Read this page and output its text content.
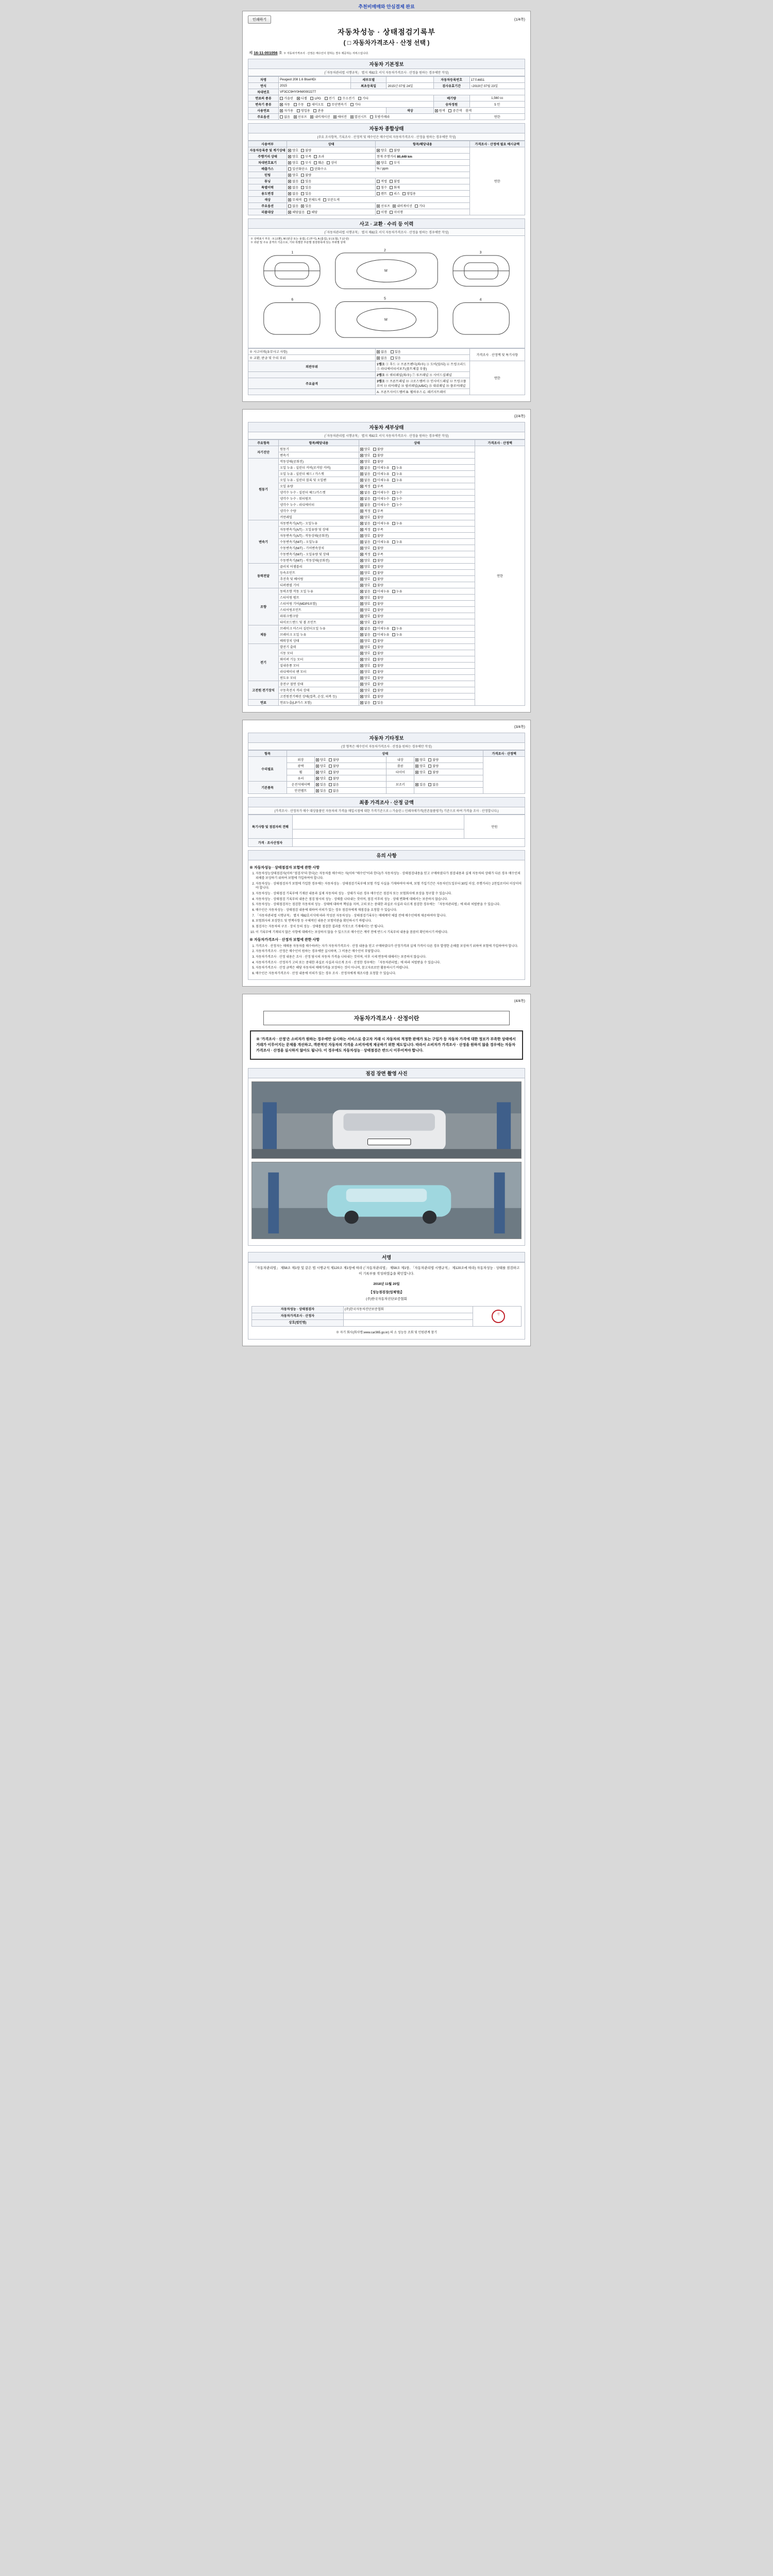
추천비매매와 안심결제 완료
인쇄하기	(1/4쪽)
자동차성능 · 상태점검기록부
( □ 자동차가격조사 · 산정 선택 )
제 16-11-001056 호 ※ 자동차가격조사 · 산정은 매수인이 원하는 경우 제공하는 서비스입니다.
자동차 기본정보
(「자동차관리법 시행규칙」 별지 제82호 서식 자동차가격조사 · 산정을 원하는 경우에만 작성)
차명	Peugeot 208 1.6 BlueHDi	세부모델		자동차등록번호	17모4651
연식	2015	최초등록일	2015년 07월 24일	검사유효기간	~2019년 07월 23일
차대번호	VF3CC9HY0HW0002277				
연료의 종류	가솔린 디젤 LPG 전기 수소전기 기타			배기량	1,560 cc
변속기 종류	자동 수동 세미오토 무단변속기 기타			승차정원	5 인
사용연료	자가용 영업용 관용		색상	원색 중간색 흰색	
주요옵션	없음 선루프 내비게이션 에어컨 열선시트 후방카메라				연한
자동차 종합상태
(주요 조사항목, 기록조사 · 산정적 및 매수인은 매수인의 자동차가격조사 · 산정을 원하는 경우에만 작성)
사용여부	상태	항목/해당내용	가격조사 · 산정에 필요 예시금액
자동차등록증 및 계기상태	양호 불량	양호 불량	연한
주행거리 상태	양호 부족 초과	현재 주행거리 80,449 km	
차대번호표기	양호 부식 훼손 상이	양호 부식	
배출가스	일산화탄소 탄화수소	% / ppm	
틴팅	양호 불량		
튜닝	없음 있음	적법 불법	
특별이력	없음 있음	침수 화재	
용도변경	없음 있음	렌트 리스 영업용	
색상	무채색 전체도색 부분도색		
주요옵션	없음 있음	선루프 내비게이션 기타	
리콜대상	해당없음 해당	이행 미이행	
사고 · 교환 · 수리 등 이력
(「자동차관리법 시행규칙」 별지 제82호 서식 자동차가격조사 · 산정을 원하는 경우에만 작성)
※ 상태표시 부호 : X (교환), W (판금 또는 용접), C (부식), A (흠집), U (요철), T (손상)
※ 외판 및 주요 골격의 기준으로, 기타 특별한 부분별 점검항목에 있는 부위별 상태
1
2
3
6	5	4
M
M
※ 사고이력(유무사고 사항)	없음 있음	가격조사 · 산정액 및 특기사항
※ 교환, 판금 및 수리 부위	없음 있음	
외판부위	1랭크 ① 후드 ② 프론트펜더(좌/우) ③ 도어(앞/뒤) ④ 트렁크리드 ⑤ 라디에이터서포트(볼트체결 부품)	연한
	2랭크 ⑥ 쿼터패널(좌/우) ⑦ 루프패널 ⑧ 사이드실패널	
주요골격	3랭크 ⑨ 프론트패널 ⑩ 크로스멤버 ⑪ 인사이드패널 ⑫ 트렁크플로어 ⑬ 리어패널 ⑭ 필러패널(A/B/C) ⑮ 대쉬패널 ⑯ 플로어패널	
	A. 프론트사이드멤버 B. 휠하우스 C. 패키지트레이	
(2/4쪽)
자동차 세부상태
(「자동차관리법 시행규칙」 별지 제82호 서식 자동차가격조사 · 산정을 원하는 경우에만 작성)
주요항목	항목/해당내용	상태	가격조사 · 산정액
자기진단	원동기	양호 불량	연한
	변속기	양호 불량	
원동기	작동상태(공회전)	양호 불량	
	오일 누유 - 실린더 커버(로커암 커버)	없음 미세누유 누유	
	오일 누유 - 실린더 헤드 / 가스켓	없음 미세누유 누유	
	오일 누유 - 실린더 블록 및 오일팬	없음 미세누유 누유	
	오일 유량	적정 부족	
	냉각수 누수 - 실린더 헤드/가스켓	없음 미세누수 누수	
	냉각수 누수 - 워터펌프	없음 미세누수 누수	
	냉각수 누수 - 라디에이터	없음 미세누수 누수	
	냉각수 수량	적정 부족	
	커먼레일	양호 불량	
변속기	자동변속기(A/T) - 오일누유	없음 미세누유 누유	
	자동변속기(A/T) - 오일유량 및 상태	적정 부족	
	자동변속기(A/T) - 작동상태(공회전)	양호 불량	
	수동변속기(M/T) - 오일누유	없음 미세누유 누유	
	수동변속기(M/T) - 기어변속장치	양호 불량	
	수동변속기(M/T) - 오일유량 및 상태	적정 부족	
	수동변속기(M/T) - 작동상태(공회전)	양호 불량	
동력전달	클러치 어셈블리	양호 불량	
	등속조인트	양호 불량	
	추진축 및 베어링	양호 불량	
	디퍼렌셜 기어	양호 불량	
조향	동력조향 작동 오일 누유	없음 미세누유 누유	
	스티어링 펌프	양호 불량	
	스티어링 기어(MDPS포함)	양호 불량	
	스티어링조인트	양호 불량	
	파워크랭크암	양호 불량	
	타이로드엔드 및 볼 조인트	양호 불량	
제동	브레이크 마스터 실린더오일 누유	없음 미세누유 누유	
	브레이크 오일 누유	없음 미세누유 누유	
	배력장치 상태	양호 불량	
전기	발전기 출력	양호 불량	
	시동 모터	양호 불량	
	와이퍼 기능 모터	양호 불량	
	실내송풍 모터	양호 불량	
	라디에이터 팬 모터	양호 불량	
	윈도우 모터	양호 불량	
고전원 전기장치	충전구 절연 상태	양호 불량	
	구동축전지 격리 상태	양호 불량	
	고전원전기배선 상태(접촉, 손상, 피복 등)	양호 불량	
연료	연료누출(LP가스 포함)	없음 있음	
(3/4쪽)
자동차 기타정보
(장 형목은 매수인이 자동차가격조사 · 산정을 원하는 경우에만 작성)
항목	상태				가격조사 · 산정액
수리필요	외장	양호 불량	내장	양호 불량	
	광택	양호 불량	룸콤	양호 불량	
	휠	양호 불량	타이어	양호 불량	
	유리	양호 불량			
기본품목	운전석에어백	있음 없음	보조키	있음 없음	
	안전벨트	있음 없음			
최종 가격조사 · 산정 금액
(가격조사 · 산정자가 매수 대상물품인 자동차의 가격을 매입시점에 대한 가격기준으로 □ 가솔린 □ 인쇄자매가격(잔존물품평가) 기준으로 하여 가격을 조사 · 산정합니다.)
특기사항 및 점검자의 견해		만원

가격 · 조사산정자		
유의 사항
※ 자동차성능 · 상태점검자 보험에 관한 사항
1. 자동차성능상태점검자(이하 "점검자"라 한다)는 자동차를 매수하는 자(이하 "매수인"이라 한다)가 자동차성능 · 상태점검내용을 믿고 구매하였다가 점검내용과 실제 자동차의 상태가 다른 경우 매수인의 피해를 보상하기 위하여 보험에 가입하여야 합니다.
2. 자동차성능 · 상태점검자가 보험에 가입한 경우에는 자동차성능 · 상태점검기록부에 보험 가입 사실을 기재하여야 하며, 보험 가입기간은 자동차인도일부터 30일 이상, 주행거리는 2천킬로미터 이상이어야 합니다.
3. 자동차성능 · 상태점검 기록부에 기재된 내용과 실제 자동차의 성능 · 상태가 다른 경우 매수인은 점검자 또는 보험회사에 보상을 청구할 수 있습니다.
4. 자동차성능 · 상태점검 기록부의 내용은 점검 당시의 성능 · 상태를 나타내는 것이며, 점검 이후의 성능 · 상태 변화에 대해서는 보증하지 않습니다.
5. 자동차성능 · 상태점검자는 점검한 자동차의 성능 · 상태에 대하여 책임을 지며, 고의 또는 중대한 과실로 사실과 다르게 점검한 경우에는 「자동차관리법」에 따라 처벌받을 수 있습니다.
6. 매수인은 자동차성능 · 상태점검 내용에 대하여 이의가 있는 경우 점검자에게 재점검을 요청할 수 있습니다.
7. 「자동차관리법 시행규칙」 별지 제82호서식에 따라 작성된 자동차성능 · 상태점검기록부는 매매계약 체결 전에 매수인에게 제공하여야 합니다.
8. 보험회사의 보상한도 및 면책사항 등 구체적인 내용은 보험약관을 확인하시기 바랍니다.
9. 점검자는 자동차의 구조 · 장치 등의 성능 · 상태를 점검한 결과를 거짓으로 기재해서는 안 됩니다.
10. 이 기록부에 기재되지 않은 사항에 대해서는 보상하지 않을 수 있으므로 매수인은 계약 전에 반드시 기록부의 내용을 꼼꼼히 확인하시기 바랍니다.
※ 자동차가격조사 · 산정자 보험에 관한 사항
1. 가격조사 · 산정자는 매매용 자동차를 매수하려는 자가 자동차가격조사 · 산정 내용을 믿고 구매하였다가 산정가격과 실제 가격이 다른 경우 발생한 손해를 보상하기 위하여 보험에 가입하여야 합니다.
2. 자동차가격조사 · 산정은 매수인이 원하는 경우에만 실시하며, 그 비용은 매수인이 부담합니다.
3. 자동차가격조사 · 산정 내용은 조사 · 산정 당시의 자동차 가격을 나타내는 것이며, 이후 시세 변동에 대해서는 보증하지 않습니다.
4. 자동차가격조사 · 산정자가 고의 또는 중대한 과실로 사실과 다르게 조사 · 산정한 경우에는 「자동차관리법」에 따라 처벌받을 수 있습니다.
5. 자동차가격조사 · 산정 금액은 해당 자동차의 매매가격을 보장하는 것이 아니며, 참고자료로만 활용하시기 바랍니다.
6. 매수인은 자동차가격조사 · 산정 내용에 이의가 있는 경우 조사 · 산정자에게 재조사를 요청할 수 있습니다.
(4/4쪽)
자동차가격조사 · 산정이란
※ '가격조사 · 산정'은 소비자가 원하는 경우에만 실시하는 서비스로 중고차 거래 시 자동차의 적정한 판매가 또는 구입가 등 자동차 가격에 대한 정보가 부족한 상태에서 거래가 이루어지는 문제를 개선하고, 객관적인 자동차의 가격을 소비자에게 제공하기 위한 제도입니다. 따라서 소비자가 가격조사 · 산정을 원하지 않을 경우에는 자동차 가격조사 · 산정을 실시하지 않아도 됩니다. 이 경우에도 자동차성능 · 상태점검은 반드시 이루어져야 합니다.
점검 장면 촬영 사진
서명
「자동차관리법」 제58조 제1항 및 같은 법 시행규칙 제120조 제1항에 따라 (「자동차관리법」 제58조 제1항, 「자동차관리법 시행규칙」 제120조에 따라) 자동차성능 · 상태를 점검하고 이 기록부를 작성하였음을 확인합니다.
2018년 11월 20일
【성능점검장(업체명)】
(주)한국자동차진단보증협회
자동차성능 · 상태점검자	(주)한국자동차진단보증협회	인
자동차가격조사 · 산정자		
상호(법인명)		
※ 자기 회사(회사명:www.car365.go.kr) 의 소 성능등 조회 및 민원관계 참기
